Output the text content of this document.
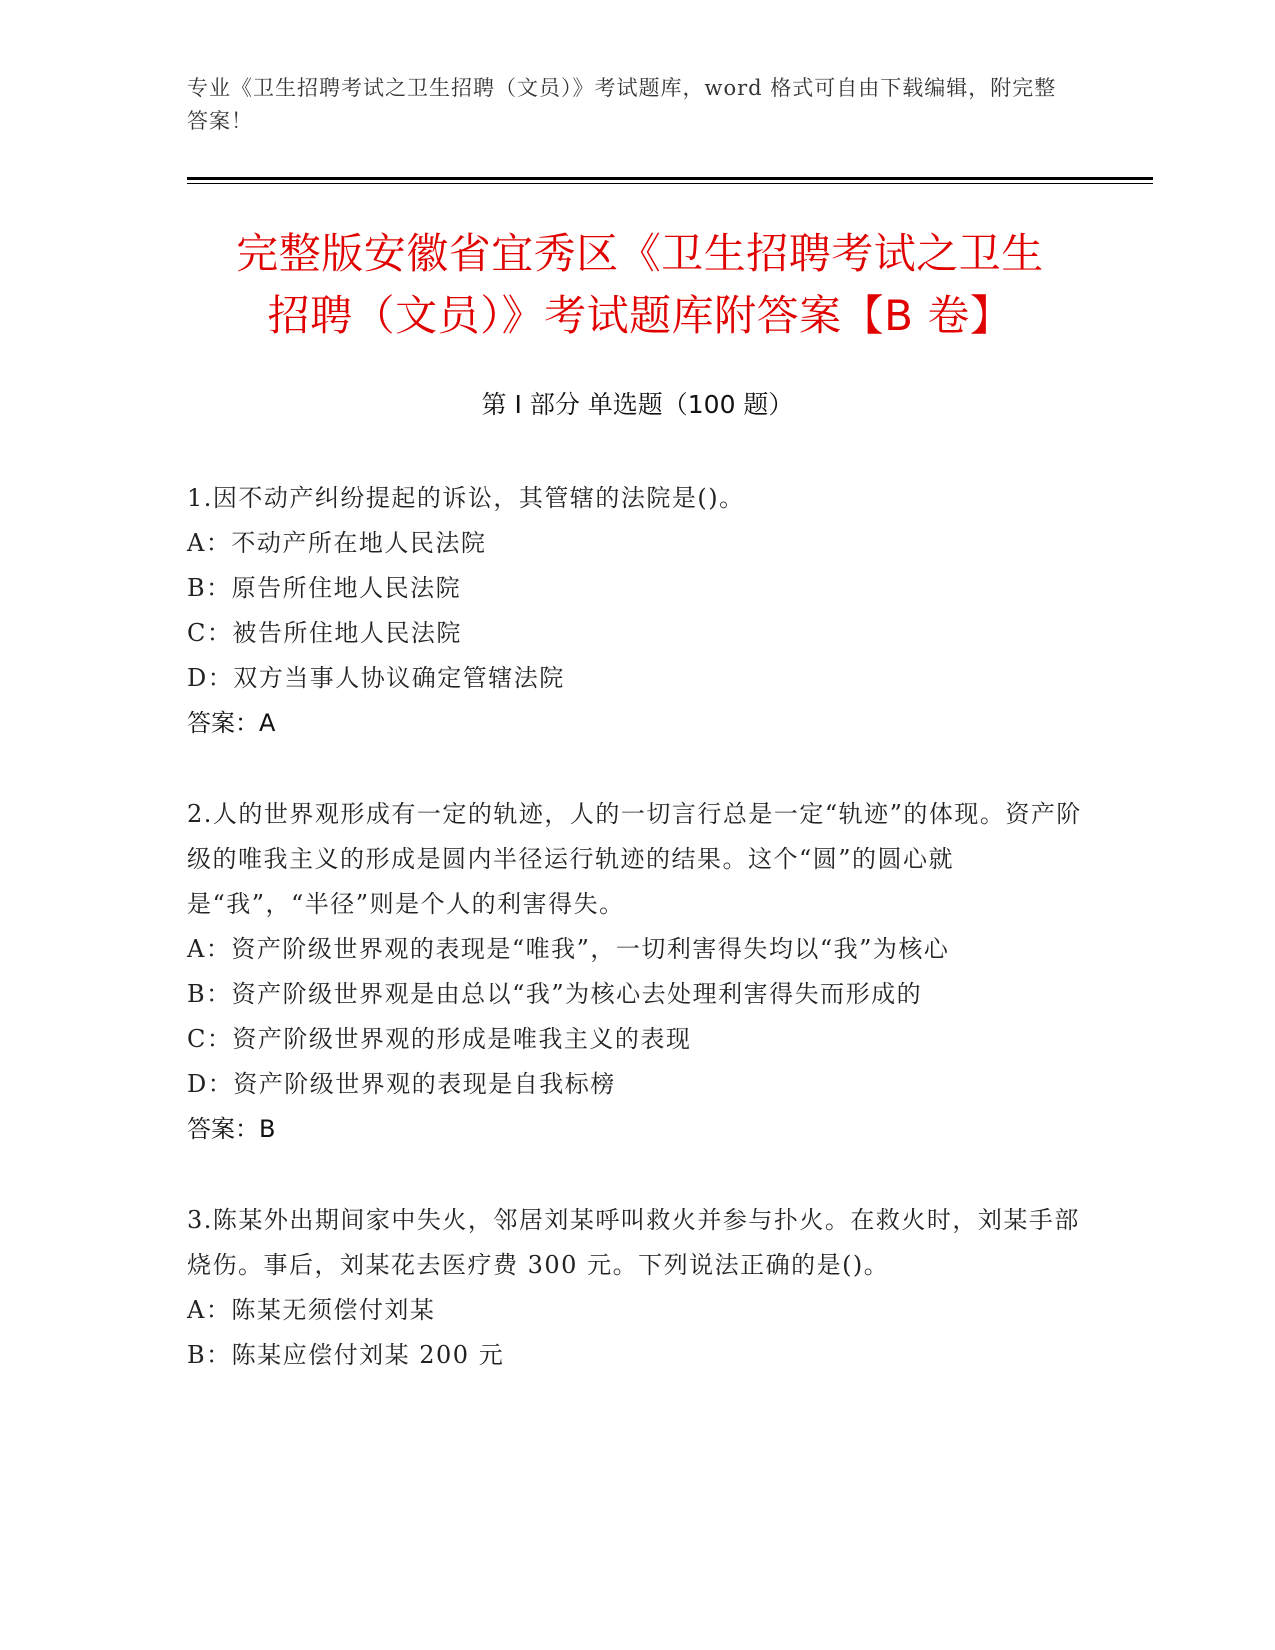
专业《卫生招聘考试之卫生招聘（文员）》考试题库，word 格式可自由下载编辑，附完整答案！
完整版安徽省宜秀区《卫生招聘考试之卫生
招聘（文员）》考试题库附答案【B 卷】
第 I 部分 单选题（100 题）
1.因不动产纠纷提起的诉讼，其管辖的法院是()。
A：不动产所在地人民法院
B：原告所住地人民法院
C：被告所住地人民法院
D：双方当事人协议确定管辖法院
答案：A
2.人的世界观形成有一定的轨迹，人的一切言行总是一定“轨迹”的体现。资产阶级的唯我主义的形成是圆内半径运行轨迹的结果。这个“圆”的圆心就是“我”，“半径”则是个人的利害得失。
A：资产阶级世界观的表现是“唯我”，一切利害得失均以“我”为核心
B：资产阶级世界观是由总以“我”为核心去处理利害得失而形成的
C：资产阶级世界观的形成是唯我主义的表现
D：资产阶级世界观的表现是自我标榜
答案：B
3.陈某外出期间家中失火，邻居刘某呼叫救火并参与扑火。在救火时，刘某手部烧伤。事后，刘某花去医疗费 300 元。下列说法正确的是()。
A：陈某无须偿付刘某
B：陈某应偿付刘某 200 元
